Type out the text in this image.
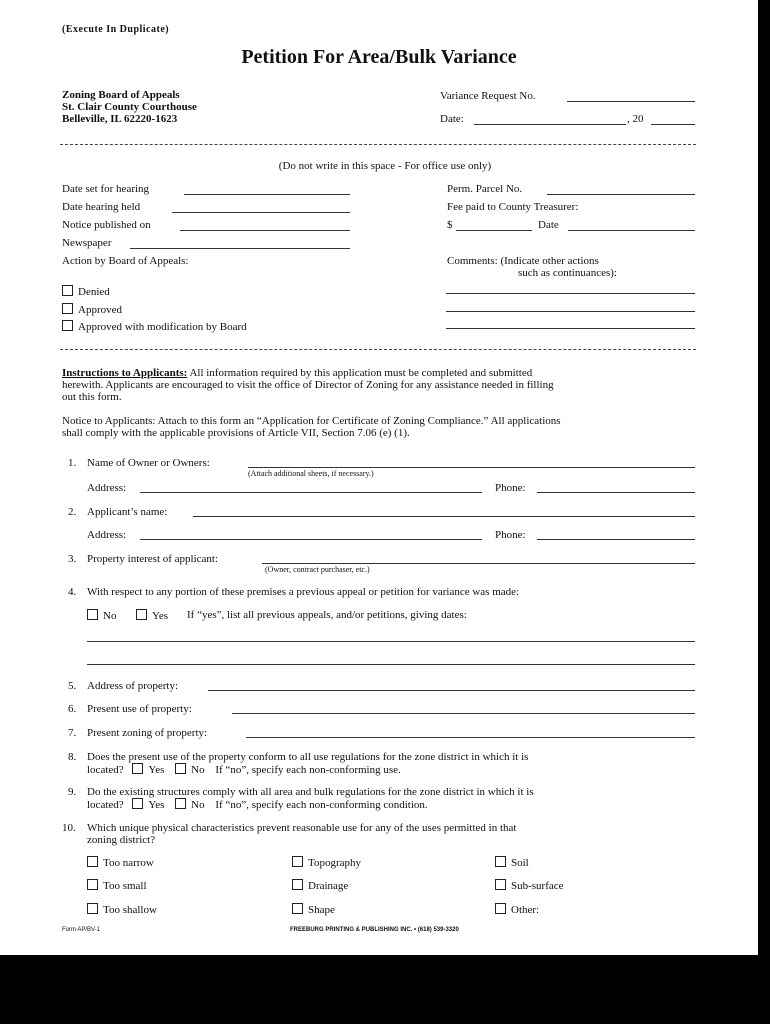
(Execute In Duplicate)
Petition For Area/Bulk Variance
Zoning Board of Appeals
St. Clair County Courthouse
Belleville, IL 62220-1623
Variance Request No.
Date:	, 20
(Do not write in this space - For office use only)
Date set for hearing
Date hearing held
Notice published on
Newspaper
Perm. Parcel No.
Fee paid to County Treasurer:
$	Date
Action by Board of Appeals:	Comments: (Indicate other actions
such as continuances):
Denied
Approved
Approved with modification by Board
Instructions to Applicants: All information required by this application must be completed and submitted
herewith. Applicants are encouraged to visit the office of Director of Zoning for any assistance needed in filling
out this form.
Notice to Applicants: Attach to this form an “Application for Certificate of Zoning Compliance.” All applications
shall comply with the applicable provisions of Article VII, Section 7.06 (e) (1).
1. Name of Owner or Owners:
(Attach additional sheets, if necessary.)
Address:	Phone:
2. Applicant’s name:
Address:	Phone:
3. Property interest of applicant:
(Owner, contract purchaser, etc.)
4. With respect to any portion of these premises a previous appeal or petition for variance was made:
No	Yes If “yes”, list all previous appeals, and/or petitions, giving dates:
5. Address of property:
6. Present use of property:
7. Present zoning of property:
8. Does the present use of the property conform to all use regulations for the zone district in which it is
located? Yes No If “no”, specify each non-conforming use.
9. Do the existing structures comply with all area and bulk regulations for the zone district in which it is
located? Yes No If “no”, specify each non-conforming condition.
10. Which unique physical characteristics prevent reasonable use for any of the uses permitted in that
zoning district?
Too narrow	Topography	Soil
Too small	Drainage	Sub-surface
Too shallow	Shape	Other:
Form AP/BV-1	FREEBURG PRINTING & PUBLISHING INC. • (618) 539-3320
